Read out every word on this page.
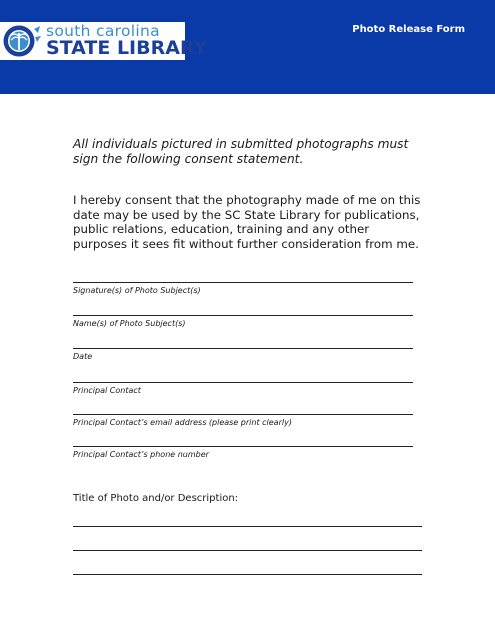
south carolina
STATE LIBRARY
Photo Release Form
All individuals pictured in submitted photographs must sign the following consent statement.
I hereby consent that the photography made of me on this date may be used by the SC State Library for publications, public relations, education, training and any other purposes it sees fit without further consideration from me.
Signature(s) of Photo Subject(s)
Name(s) of Photo Subject(s)
Date
Principal Contact
Principal Contact’s email address (please print clearly)
Principal Contact’s phone number
Title of Photo and/or Description:
